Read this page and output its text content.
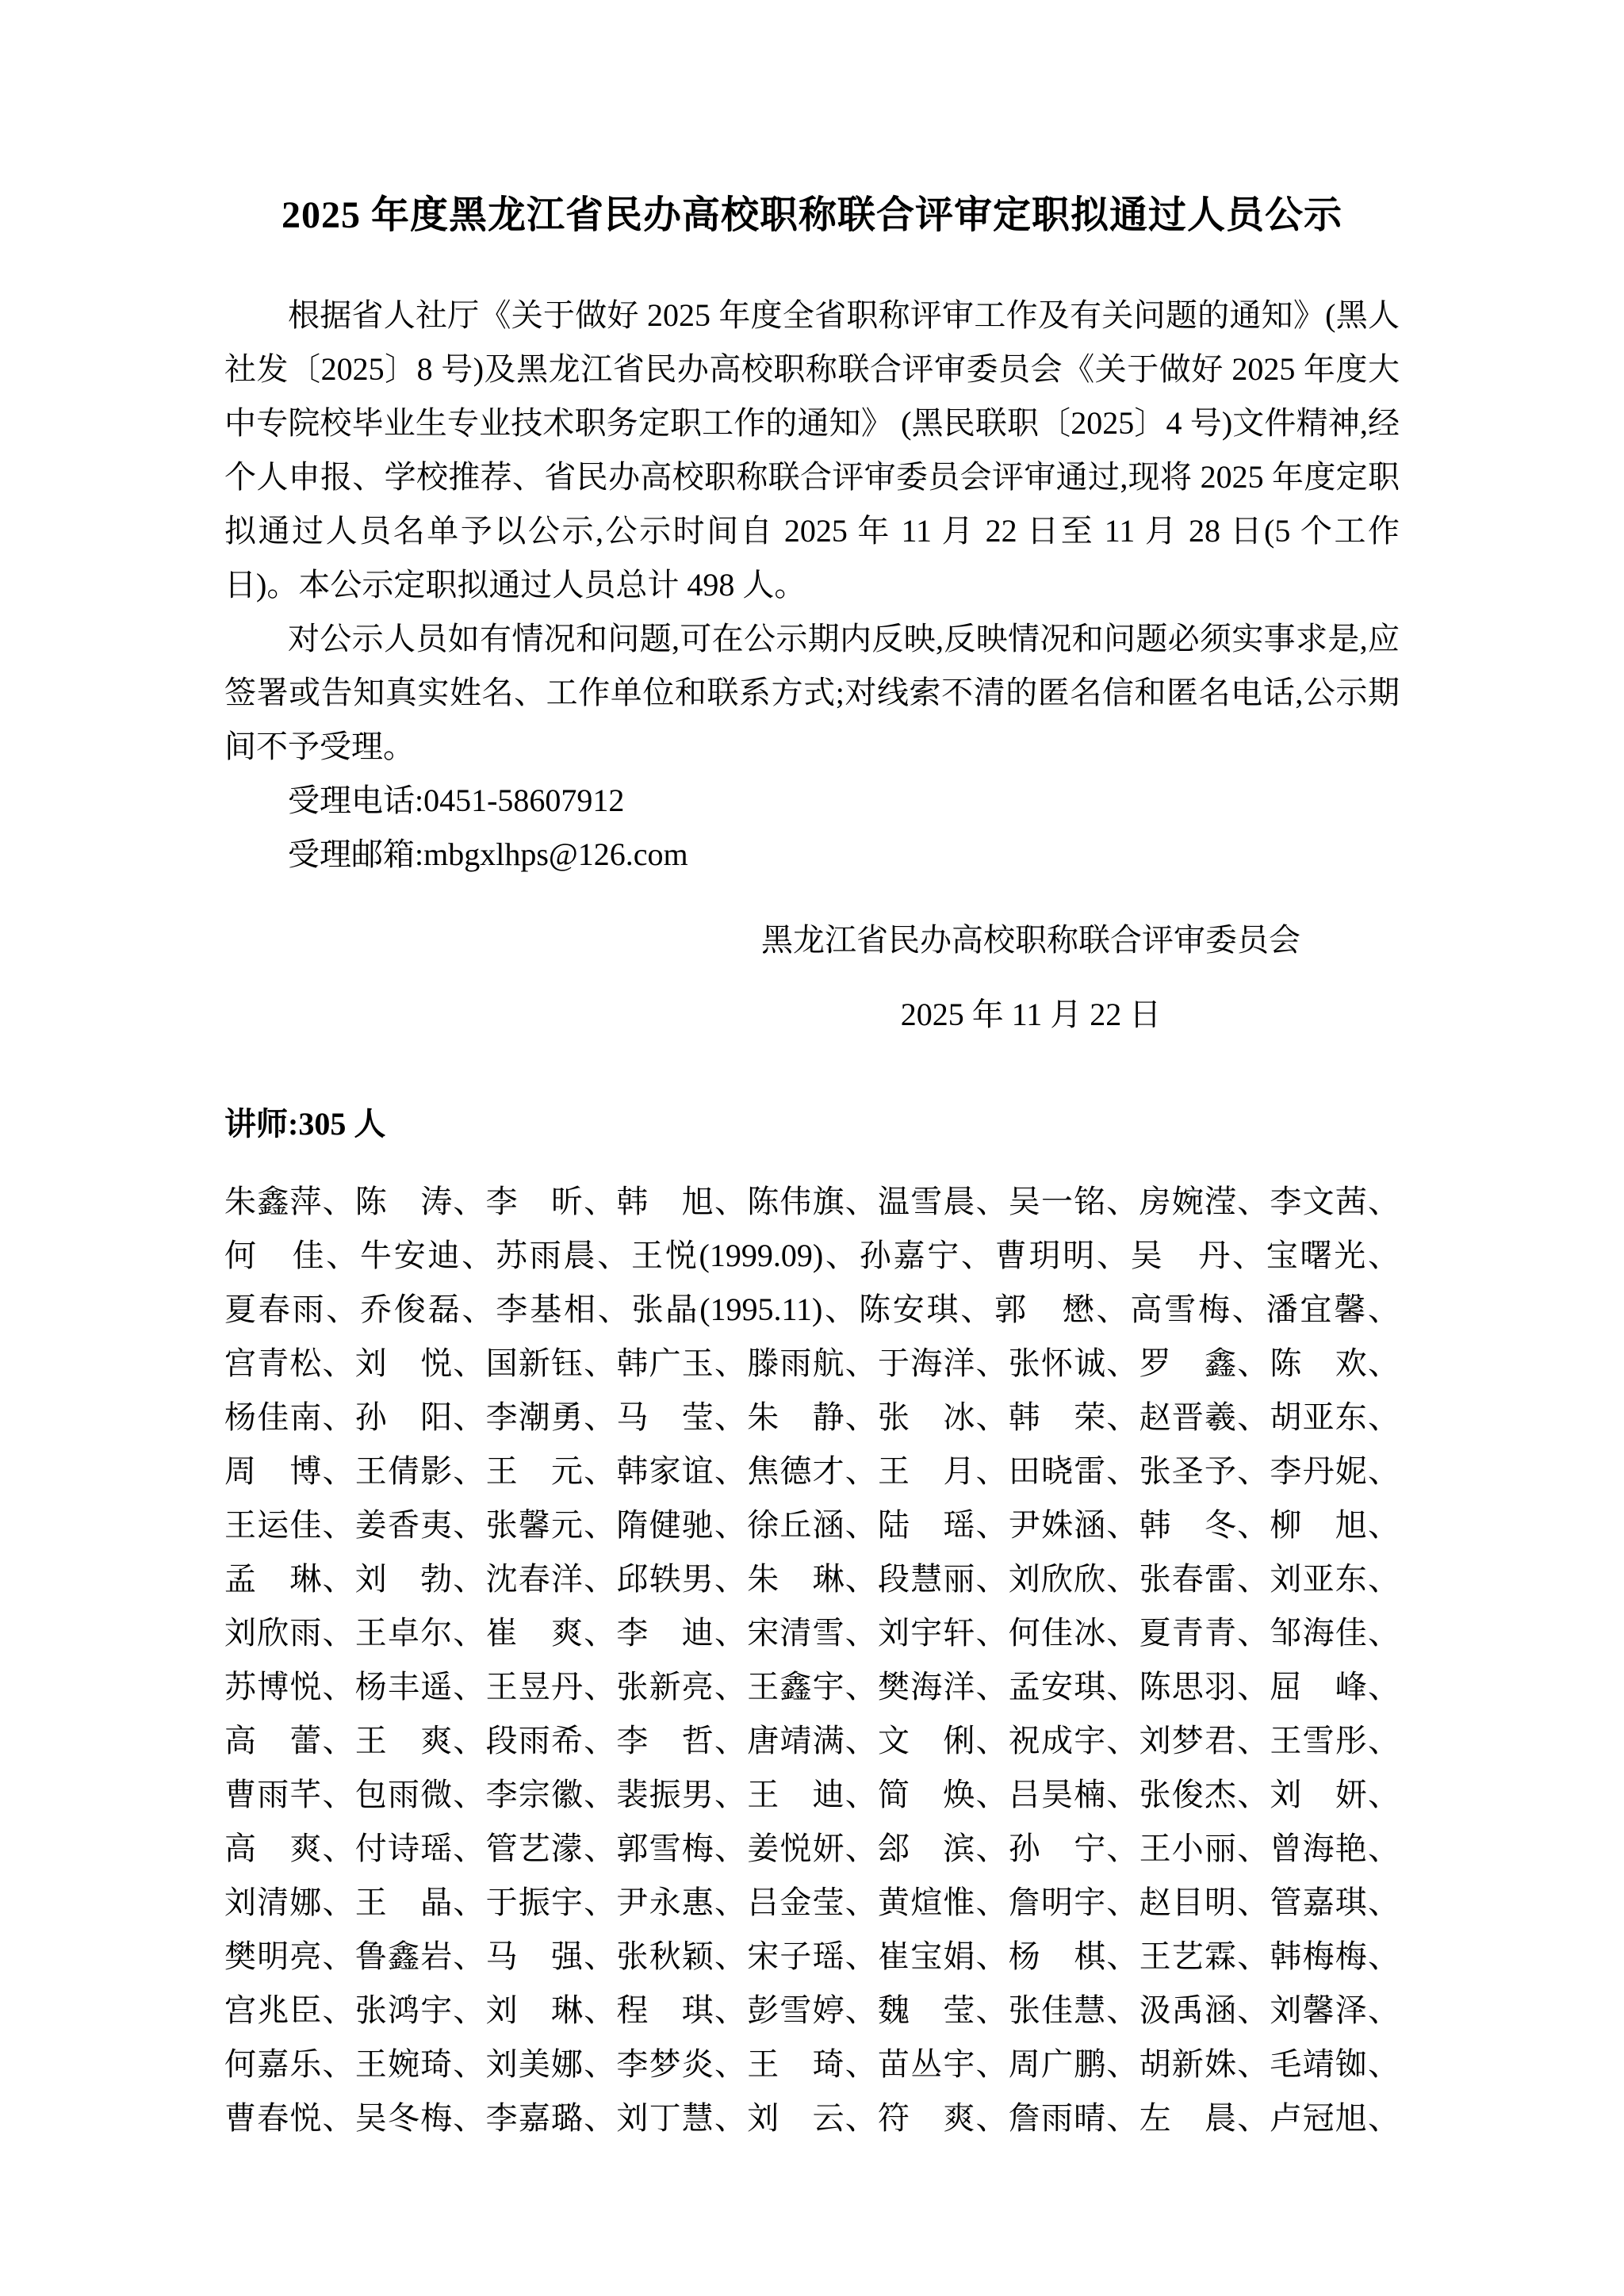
2025 年度黑龙江省民办高校职称联合评审定职拟通过人员公示

根据省人社厅《关于做好 2025 年度全省职称评审工作及有关问题的通知》(黑人社发〔2025〕8 号)及黑龙江省民办高校职称联合评审委员会《关于做好 2025 年度大中专院校毕业生专业技术职务定职工作的通知》 (黑民联职〔2025〕4 号)文件精神,经个人申报、学校推荐、省民办高校职称联合评审委员会评审通过,现将 2025 年度定职拟通过人员名单予以公示,公示时间自 2025 年 11 月 22 日至 11 月 28 日(5 个工作日)。本公示定职拟通过人员总计 498 人。

对公示人员如有情况和问题,可在公示期内反映,反映情况和问题必须实事求是,应签署或告知真实姓名、工作单位和联系方式;对线索不清的匿名信和匿名电话,公示期间不予受理。

受理电话:0451-58607912

受理邮箱:mbgxlhps@126.com

黑龙江省民办高校职称联合评审委员会
2025 年 11 月 22 日
讲师:305 人
朱鑫萍、陈　涛、李　昕、韩　旭、陈伟旗、温雪晨、吴一铭、房婉滢、李文茜、
何　佳、牛安迪、苏雨晨、王悦(1999.09)、孙嘉宁、曹玥明、吴　丹、宝曙光、
夏春雨、乔俊磊、李基相、张晶(1995.11)、陈安琪、郭　懋、高雪梅、潘宜馨、
宫青松、刘　悦、国新钰、韩广玉、滕雨航、于海洋、张怀诚、罗　鑫、陈　欢、
杨佳南、孙　阳、李潮勇、马　莹、朱　静、张　冰、韩　荣、赵晋羲、胡亚东、
周　博、王倩影、王　元、韩家谊、焦德才、王　月、田晓雷、张圣予、李丹妮、
王运佳、姜香夷、张馨元、隋健驰、徐丘涵、陆　瑶、尹姝涵、韩　冬、柳　旭、
孟　琳、刘　勃、沈春洋、邱轶男、朱　琳、段慧丽、刘欣欣、张春雷、刘亚东、
刘欣雨、王卓尔、崔　爽、李　迪、宋清雪、刘宇轩、何佳冰、夏青青、邹海佳、
苏博悦、杨丰遥、王昱丹、张新亮、王鑫宇、樊海洋、孟安琪、陈思羽、屈　峰、
高　蕾、王　爽、段雨希、李　哲、唐靖满、文　俐、祝成宇、刘梦君、王雪彤、
曹雨芊、包雨微、李宗徽、裴振男、王　迪、简　焕、吕昊楠、张俊杰、刘　妍、
高　爽、付诗瑶、管艺濛、郭雪梅、姜悦妍、郐　滨、孙　宁、王小丽、曾海艳、
刘清娜、王　晶、于振宇、尹永惠、吕金莹、黄煊惟、詹明宇、赵目明、管嘉琪、
樊明亮、鲁鑫岩、马　强、张秋颖、宋子瑶、崔宝娟、杨　棋、王艺霖、韩梅梅、
宫兆臣、张鸿宇、刘　琳、程　琪、彭雪婷、魏　莹、张佳慧、汲禹涵、刘馨泽、
何嘉乐、王婉琦、刘美娜、李梦炎、王　琦、苗丛宇、周广鹏、胡新姝、毛靖铷、
曹春悦、吴冬梅、李嘉璐、刘丁慧、刘　云、符　爽、詹雨晴、左　晨、卢冠旭、
